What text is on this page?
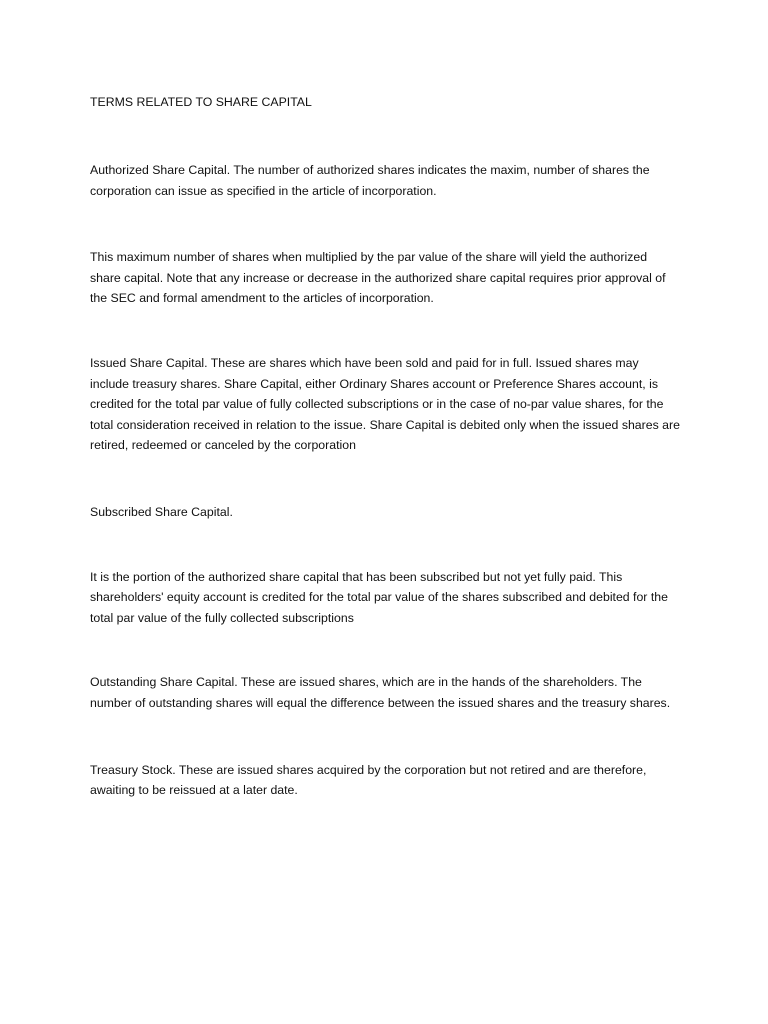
TERMS RELATED TO SHARE CAPITAL

Authorized Share Capital. The number of authorized shares indicates the maxim, number of shares the corporation can issue as specified in the article of incorporation.

This maximum number of shares when multiplied by the par value of the share will yield the authorized share capital. Note that any increase or decrease in the authorized share capital requires prior approval of the SEC and formal amendment to the articles of incorporation.

Issued Share Capital. These are shares which have been sold and paid for in full. Issued shares may include treasury shares. Share Capital, either Ordinary Shares account or Preference Shares account, is credited for the total par value of fully collected subscriptions or in the case of no-par value shares, for the total consideration received in relation to the issue. Share Capital is debited only when the issued shares are retired, redeemed or canceled by the corporation

Subscribed Share Capital.

It is the portion of the authorized share capital that has been subscribed but not yet fully paid. This shareholders' equity account is credited for the total par value of the shares subscribed and debited for the total par value of the fully collected subscriptions

Outstanding Share Capital. These are issued shares, which are in the hands of the shareholders. The number of outstanding shares will equal the difference between the issued shares and the treasury shares.

Treasury Stock. These are issued shares acquired by the corporation but not retired and are therefore, awaiting to be reissued at a later date.
